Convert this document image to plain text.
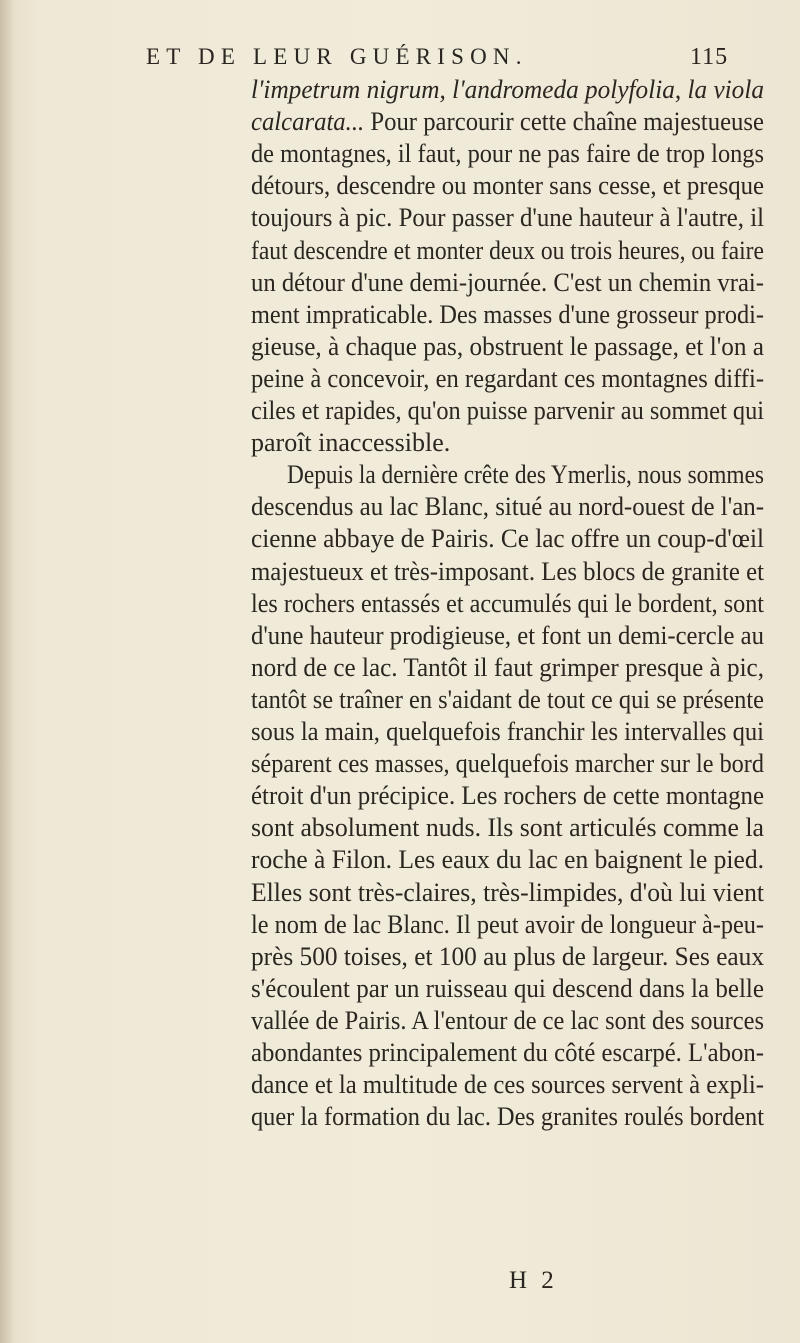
ET DE LEUR GUÉRISON.	115
l'impetrum nigrum, l'andromeda polyfolia, la viola
calcarata... Pour parcourir cette chaîne majestueuse
de montagnes, il faut, pour ne pas faire de trop longs
détours, descendre ou monter sans cesse, et presque
toujours à pic. Pour passer d'une hauteur à l'autre, il
faut descendre et monter deux ou trois heures, ou faire
un détour d'une demi-journée. C'est un chemin vrai-
ment impraticable. Des masses d'une grosseur prodi-
gieuse, à chaque pas, obstruent le passage, et l'on a
peine à concevoir, en regardant ces montagnes diffi-
ciles et rapides, qu'on puisse parvenir au sommet qui
paroît inaccessible.
Depuis la dernière crête des Ymerlis, nous sommes
descendus au lac Blanc, situé au nord-ouest de l'an-
cienne abbaye de Pairis. Ce lac offre un coup-d'œil
majestueux et très-imposant. Les blocs de granite et
les rochers entassés et accumulés qui le bordent, sont
d'une hauteur prodigieuse, et font un demi-cercle au
nord de ce lac. Tantôt il faut grimper presque à pic,
tantôt se traîner en s'aidant de tout ce qui se présente
sous la main, quelquefois franchir les intervalles qui
séparent ces masses, quelquefois marcher sur le bord
étroit d'un précipice. Les rochers de cette montagne
sont absolument nuds. Ils sont articulés comme la
roche à Filon. Les eaux du lac en baignent le pied.
Elles sont très-claires, très-limpides, d'où lui vient
le nom de lac Blanc. Il peut avoir de longueur à-peu-
près 500 toises, et 100 au plus de largeur. Ses eaux
s'écoulent par un ruisseau qui descend dans la belle
vallée de Pairis. A l'entour de ce lac sont des sources
abondantes principalement du côté escarpé. L'abon-
dance et la multitude de ces sources servent à expli-
quer la formation du lac. Des granites roulés bordent
H 2
